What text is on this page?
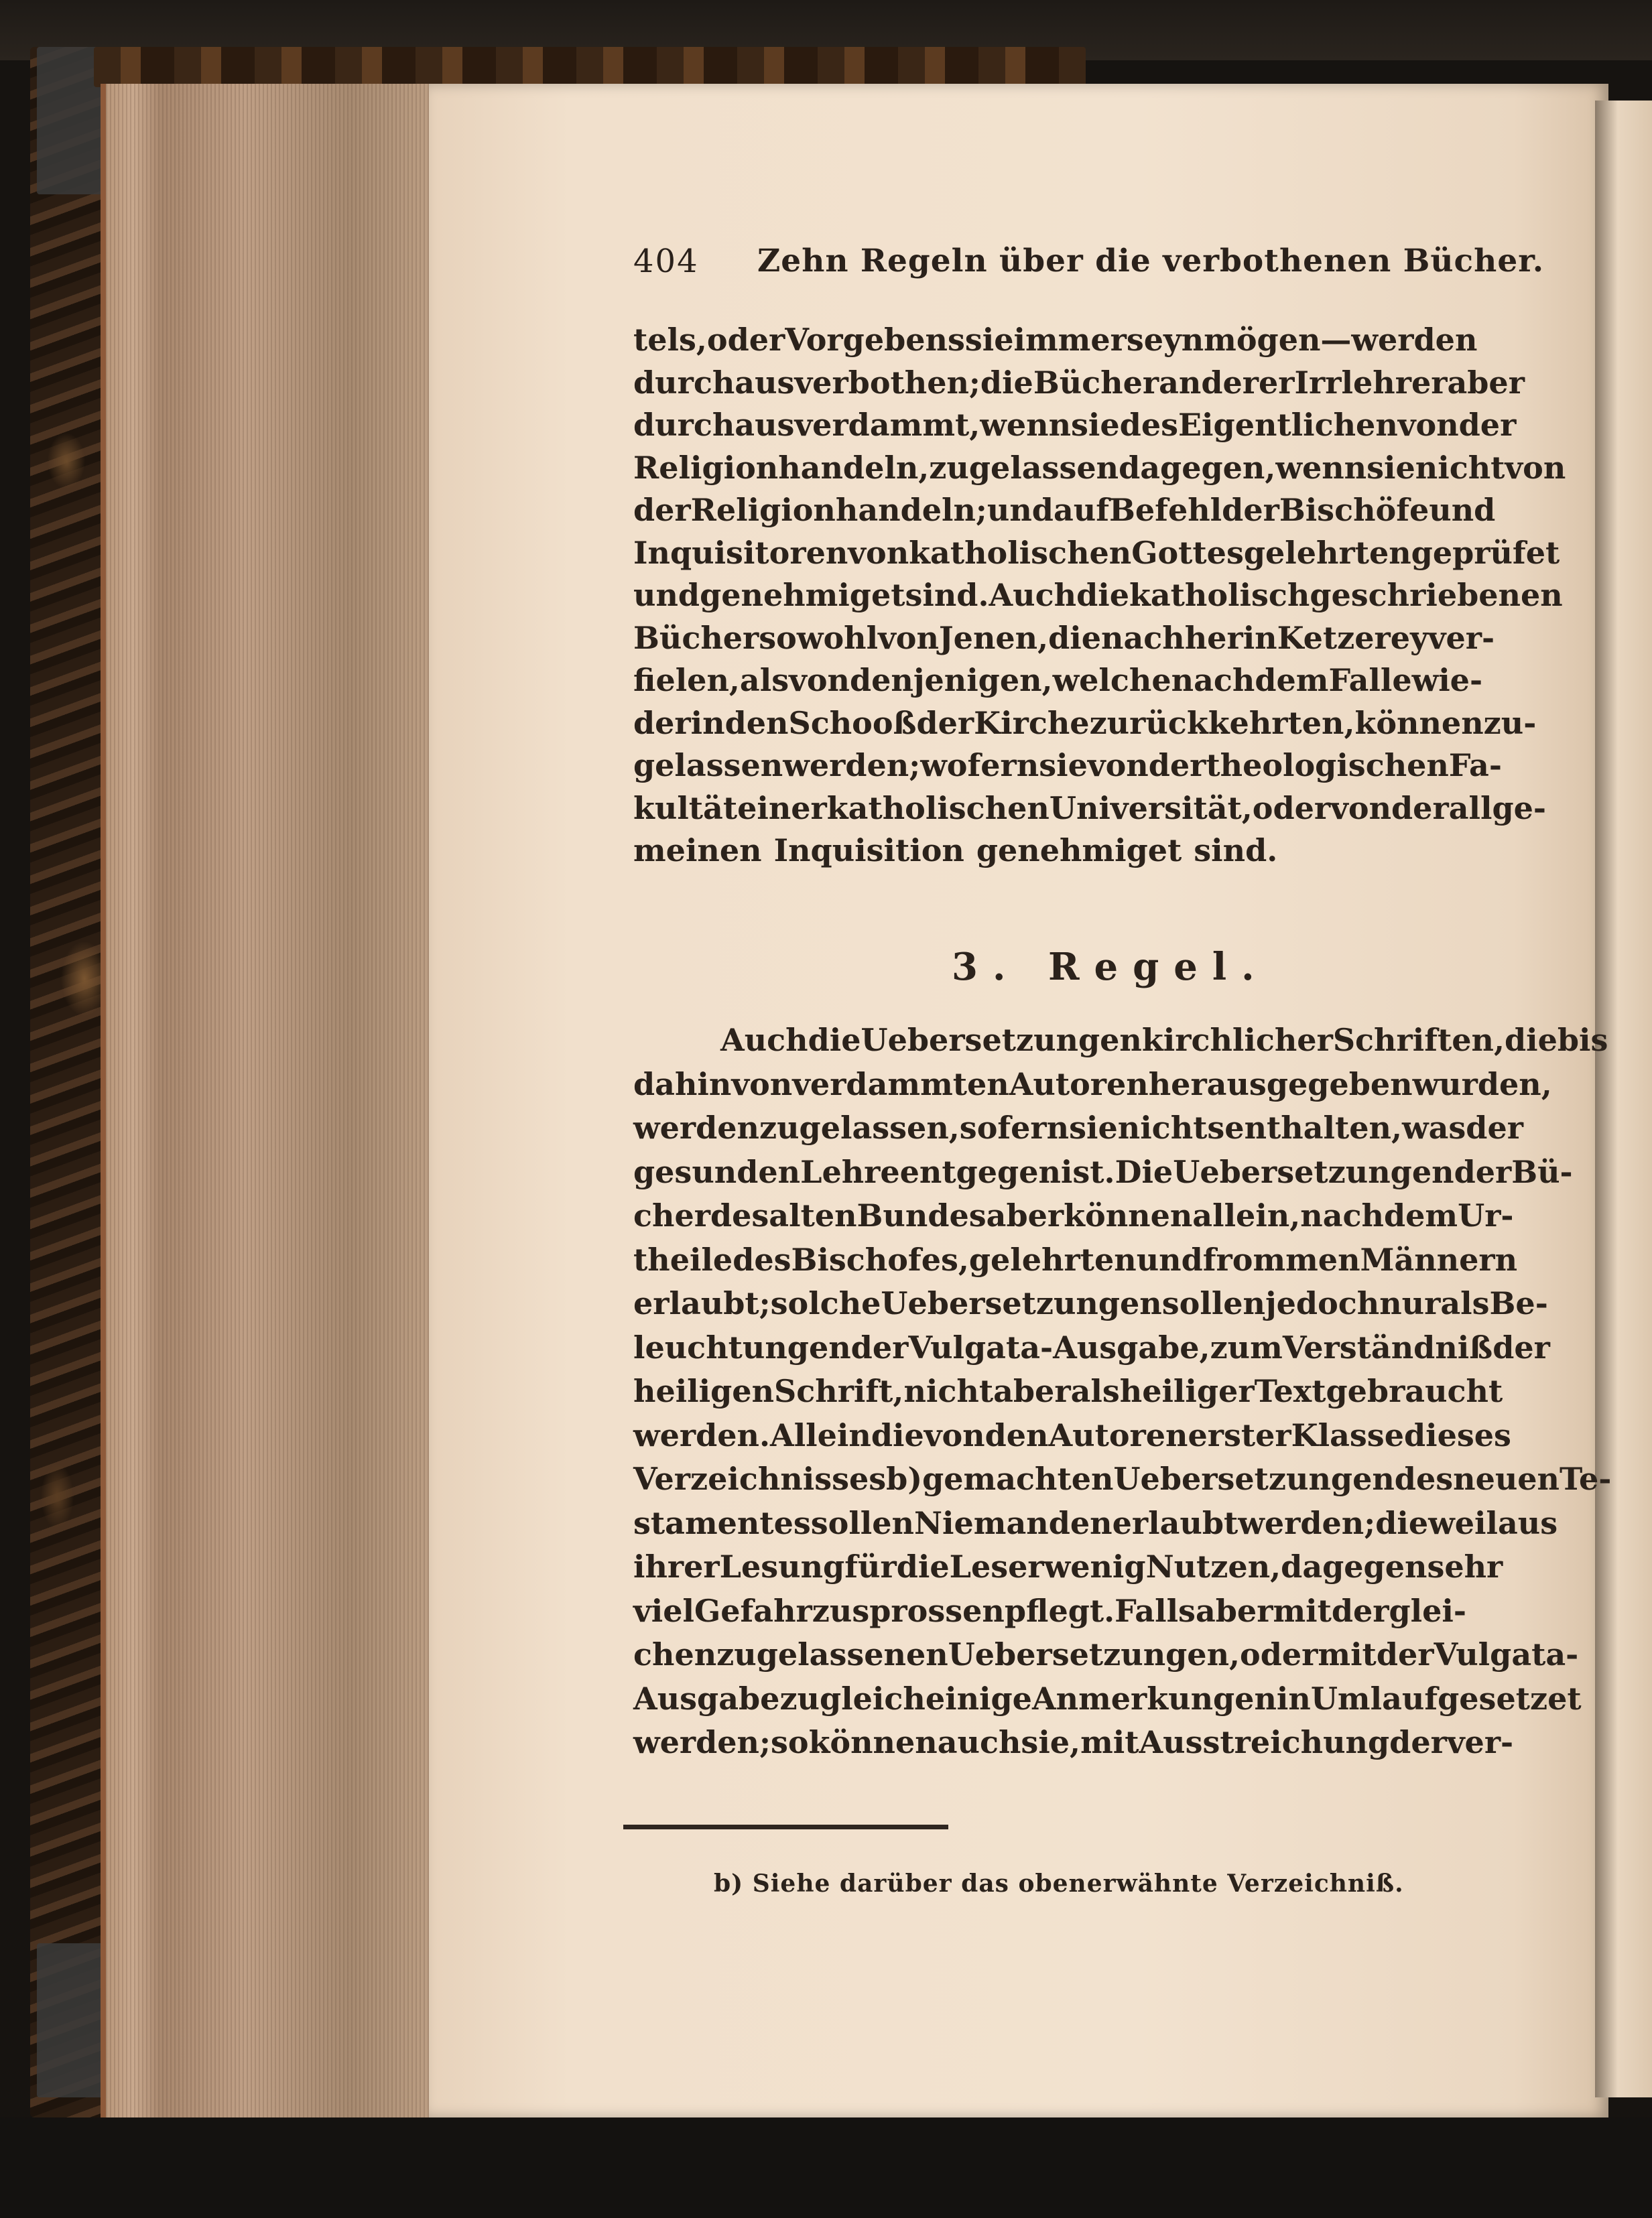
404 Zehn Regeln über die verbothenen Bücher.
tels, oder Vorgebens sie immer seyn mögen — werden
durchaus verbothen; die Bücher anderer Irrlehrer aber
durchaus verdammt, wenn sie des Eigentlichen von der
Religion handeln, zugelassen dagegen, wenn sie nicht von
der Religion handeln; und auf Befehl der Bischöfe und
Inquisitoren von katholischen Gottesgelehrten geprüfet
und genehmiget sind. Auch die katholisch geschriebenen
Bücher sowohl von Jenen, die nachher in Ketzerey ver-
fielen, als von denjenigen, welche nach dem Falle wie-
der in den Schooß der Kirche zurückkehrten, können zu-
gelassen werden; wofern sie von der theologischen Fa-
kultät einer katholischen Universität, oder von der allge-
meinen Inquisition genehmiget sind.
3. Regel.
Auch die Uebersetzungen kirchlicher Schriften, die bis
dahin von verdammten Autoren herausgegeben wurden,
werden zugelassen, sofern sie nichts enthalten, was der
gesunden Lehre entgegen ist. Die Uebersetzungen der Bü-
cher des alten Bundes aber können allein, nach dem Ur-
theile des Bischofes, gelehrten und frommen Männern
erlaubt; solche Uebersetzungen sollen jedoch nur als Be-
leuchtungen der Vulgata-Ausgabe, zum Verständniß der
heiligen Schrift, nicht aber als heiliger Text gebraucht
werden. Allein die von den Autoren erster Klasse dieses
Verzeichnisses b) gemachten Uebersetzungen des neuen Te-
stamentes sollen Niemanden erlaubt werden; dieweil aus
ihrer Lesung für die Leser wenig Nutzen, dagegen sehr
viel Gefahr zu sprossen pflegt. Falls aber mit derglei-
chen zugelassenen Uebersetzungen, oder mit der Vulgata-
Ausgabe zugleich einige Anmerkungen in Umlauf gesetzet
werden; so können auch sie, mit Ausstreichung der ver-
b) Siehe darüber das obenerwähnte Verzeichniß.
